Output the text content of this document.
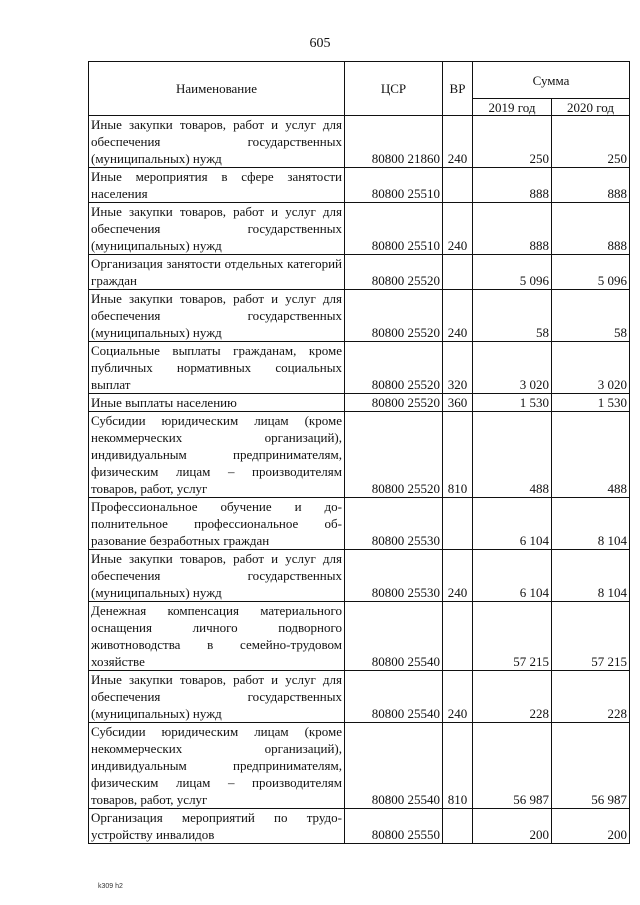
605
Наименование	ЦСР	ВР	Сумма	
			2019 год	2020 год
Иные закупки товаров, работ и услуг для обеспечения государственных (муниципальных) нужд	80800 21860	240	250	250
Иные мероприятия в сфере занятости населения	80800 25510		888	888
Иные закупки товаров, работ и услуг для обеспечения государственных (муниципальных) нужд	80800 25510	240	888	888
Организация занятости отдельных категорий граждан	80800 25520		5 096	5 096
Иные закупки товаров, работ и услуг для обеспечения государственных (муниципальных) нужд	80800 25520	240	58	58
Социальные выплаты гражданам, кроме публичных нормативных социальных выплат	80800 25520	320	3 020	3 020
Иные выплаты населению	80800 25520	360	1 530	1 530
Субсидии юридическим лицам (кроме некоммерческих организаций), индивидуальным предпринимателям, физическим лицам – производителям товаров, работ, услуг	80800 25520	810	488	488
Профессиональное обучение и дополнительное профессиональное образование безработных граждан	80800 25530		6 104	8 104
Иные закупки товаров, работ и услуг для обеспечения государственных (муниципальных) нужд	80800 25530	240	6 104	8 104
Денежная компенсация материального оснащения личного подворного животноводства в семейно-трудовом хозяйстве	80800 25540		57 215	57 215
Иные закупки товаров, работ и услуг для обеспечения государственных (муниципальных) нужд	80800 25540	240	228	228
Субсидии юридическим лицам (кроме некоммерческих организаций), индивидуальным предпринимателям, физическим лицам – производителям товаров, работ, услуг	80800 25540	810	56 987	56 987
Организация мероприятий по трудоустройству инвалидов	80800 25550		200	200
k309 h2
